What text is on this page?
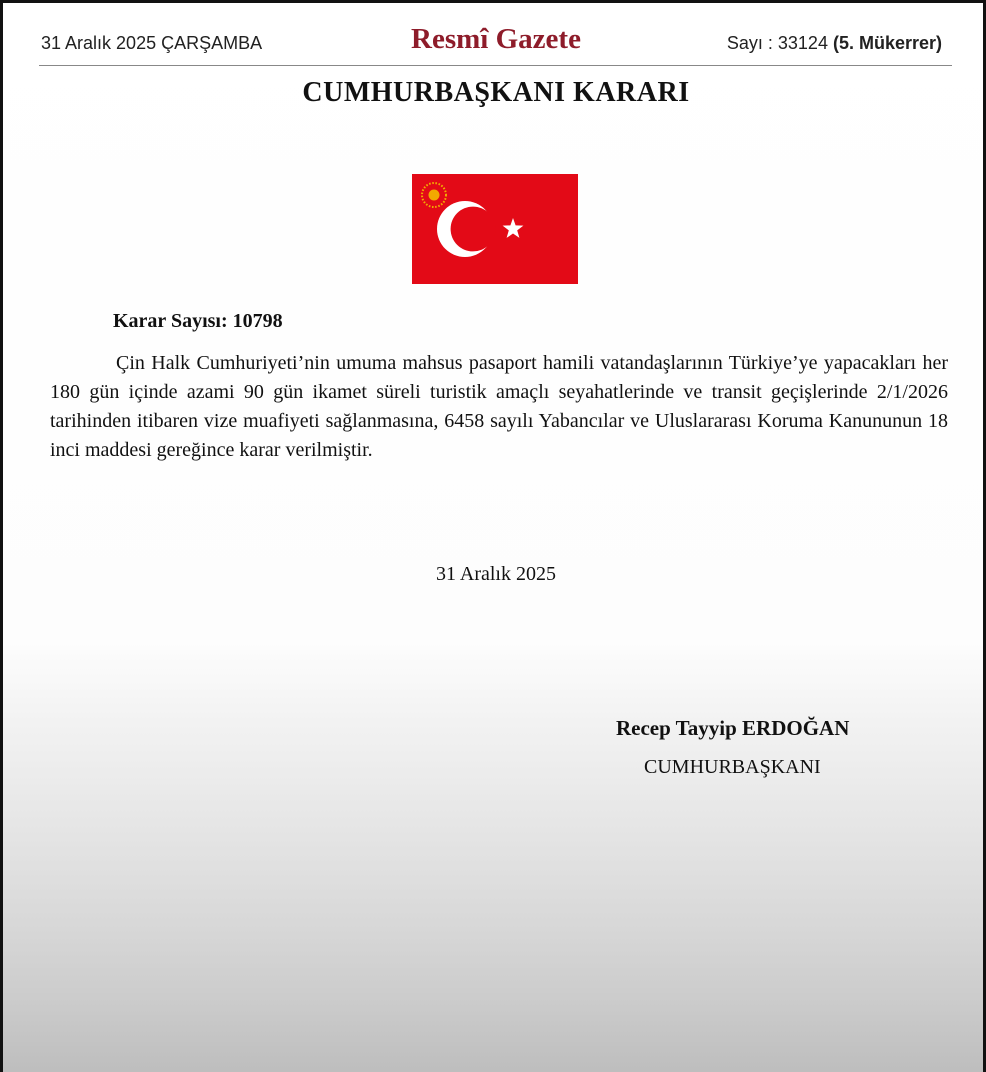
31 Aralık 2025 ÇARŞAMBA	Resmî Gazete	Sayı : 33124 (5. Mükerrer)
CUMHURBAŞKANI KARARI
Karar Sayısı: 10798
Çin Halk Cumhuriyeti’nin umuma mahsus pasaport hamili vatandaşlarının Türkiye’ye yapacakları her 180 gün içinde azami 90 gün ikamet süreli turistik amaçlı seyahatlerinde ve transit geçişlerinde 2/1/2026 tarihinden itibaren vize muafiyeti sağlanmasına, 6458 sayılı Yabancılar ve Uluslararası Koruma Kanununun 18 inci maddesi gereğince karar verilmiştir.
31 Aralık 2025
Recep Tayyip ERDOĞAN
CUMHURBAŞKANI
